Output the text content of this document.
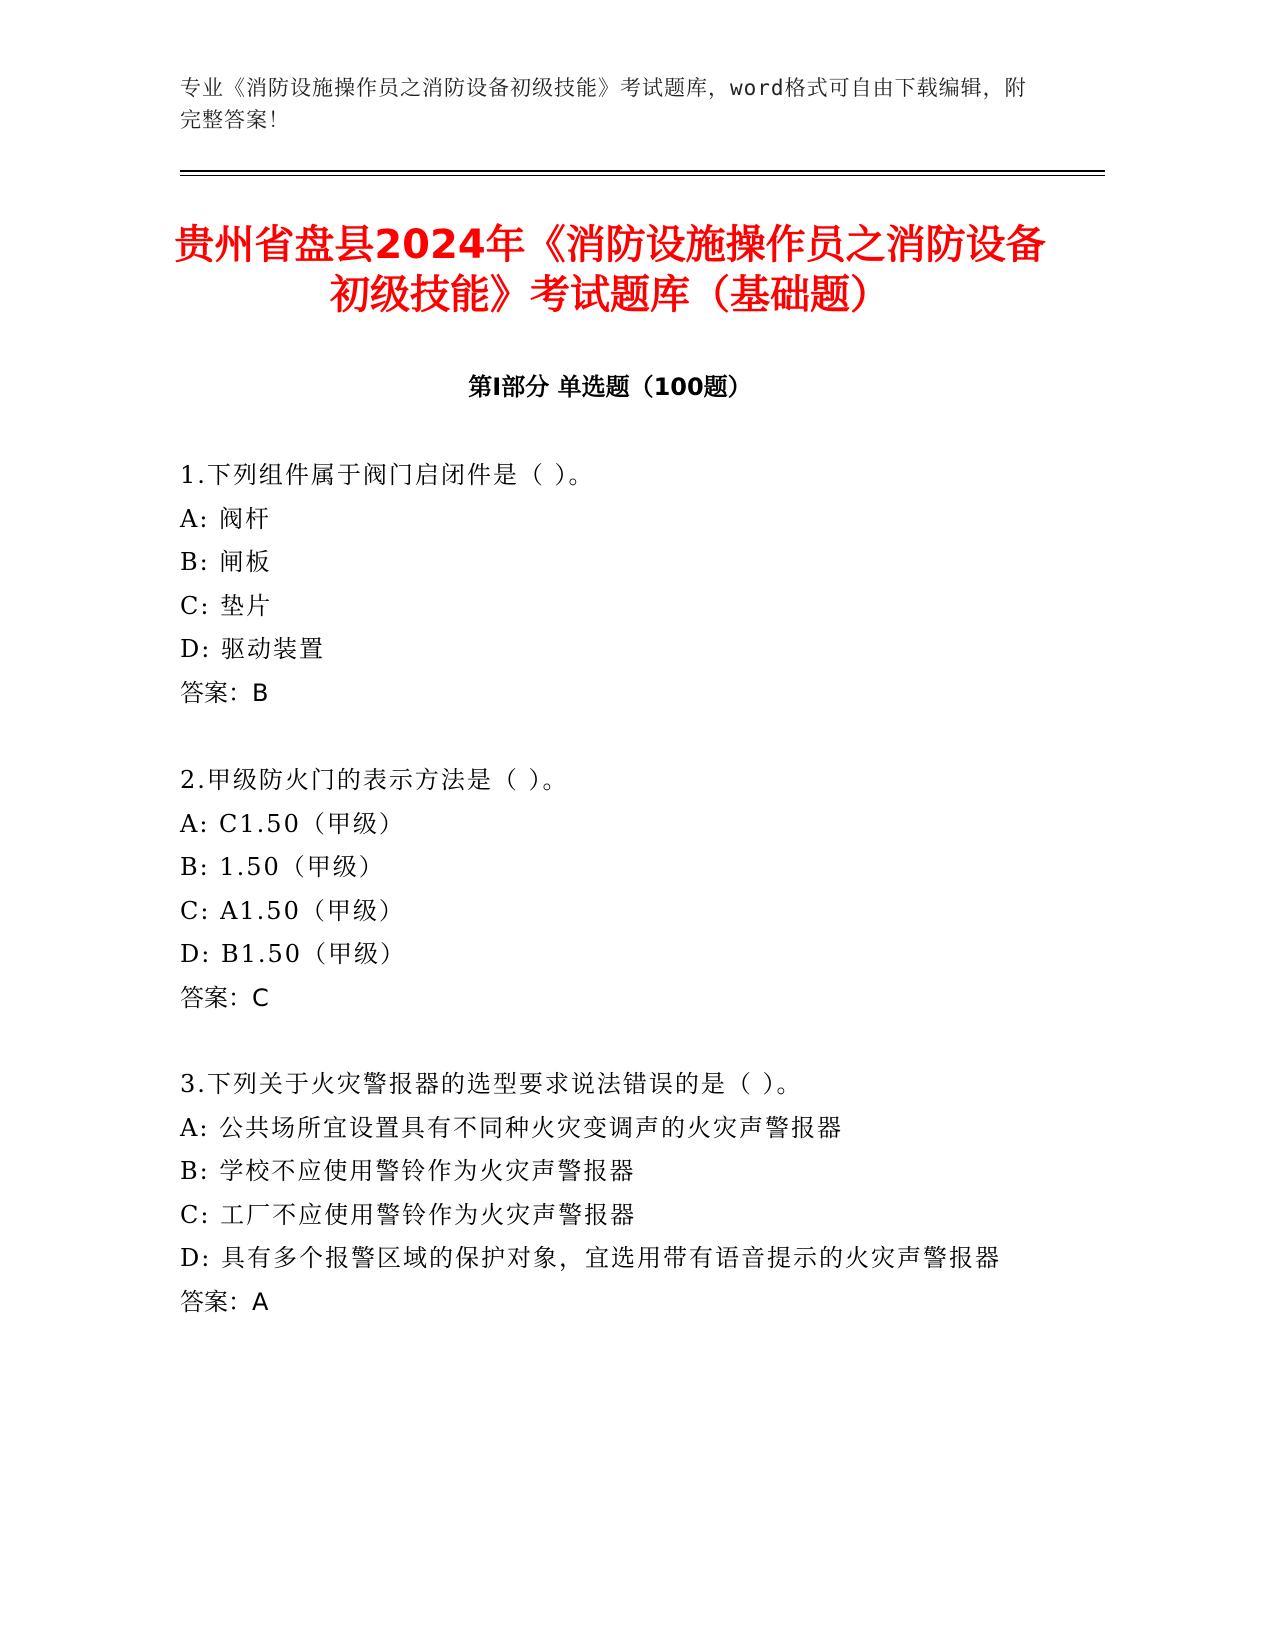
专业《消防设施操作员之消防设备初级技能》考试题库，word格式可自由下载编辑，附完整答案！
贵州省盘县2024年《消防设施操作员之消防设备初级技能》考试题库（基础题）
第I部分 单选题（100题）
1.下列组件属于阀门启闭件是（ ）。
A: 阀杆
B: 闸板
C: 垫片
D: 驱动装置
答案：B
2.甲级防火门的表示方法是（ ）。
A: C1.50（甲级）
B: 1.50（甲级）
C: A1.50（甲级）
D: B1.50（甲级）
答案：C
3.下列关于火灾警报器的选型要求说法错误的是（ ）。
A: 公共场所宜设置具有不同种火灾变调声的火灾声警报器
B: 学校不应使用警铃作为火灾声警报器
C: 工厂不应使用警铃作为火灾声警报器
D: 具有多个报警区域的保护对象，宜选用带有语音提示的火灾声警报器
答案：A
